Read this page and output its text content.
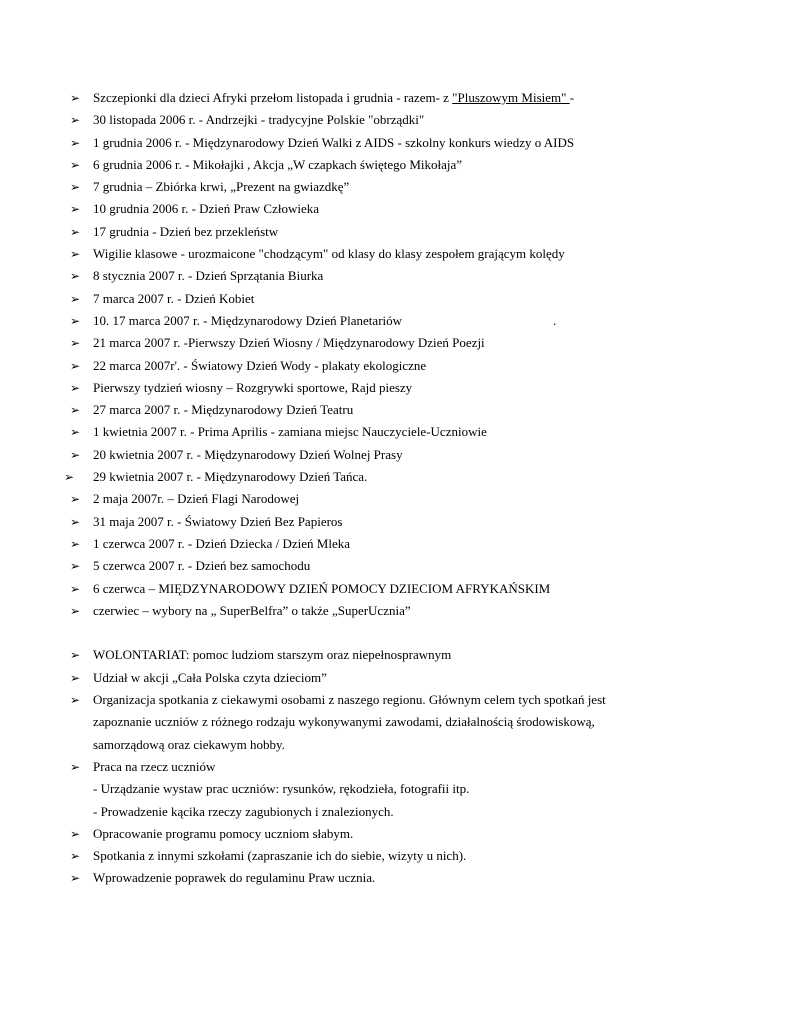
➢ Szczepionki dla dzieci Afryki przełom listopada i grudnia - razem- z "Pluszowym Misiem" -
➢ 30 listopada 2006 r. - Andrzejki - tradycyjne Polskie "obrządki"
➢ 1 grudnia 2006 r. - Międzynarodowy Dzień Walki z AIDS - szkolny konkurs wiedzy o AIDS
➢ 6 grudnia 2006 r. - Mikołajki , Akcja „W czapkach świętego Mikołaja”
➢ 7 grudnia – Zbiórka krwi, „Prezent na gwiazdkę”
➢ 10 grudnia 2006 r. - Dzień Praw Człowieka
➢ 17 grudnia - Dzień bez przekleństw
➢ Wigilie klasowe - urozmaicone "chodzącym" od klasy do klasy zespołem grającym kolędy
➢ 8 stycznia 2007 r. - Dzień Sprzątania Biurka
➢ 7 marca 2007 r. - Dzień Kobiet
➢ 10. 17 marca 2007 r. - Międzynarodowy Dzień Planetariów	.
➢ 21 marca 2007 r. -Pierwszy Dzień Wiosny / Międzynarodowy Dzień Poezji
➢ 22 marca 2007r'. - Światowy Dzień Wody - plakaty ekologiczne
➢ Pierwszy tydzień wiosny – Rozgrywki sportowe, Rajd pieszy
➢ 27 marca 2007 r. - Międzynarodowy Dzień Teatru
➢ 1 kwietnia 2007 r. - Prima Aprilis - zamiana miejsc Nauczyciele-Uczniowie
➢ 20 kwietnia 2007 r. - Międzynarodowy Dzień Wolnej Prasy
➢ 29 kwietnia 2007 r. - Międzynarodowy Dzień Tańca.
➢ 2 maja 2007r. – Dzień Flagi Narodowej
➢ 31 maja 2007 r. - Światowy Dzień Bez Papieros
➢ 1 czerwca 2007 r. - Dzień Dziecka / Dzień Mleka
➢ 5 czerwca 2007 r. - Dzień bez samochodu
➢ 6 czerwca – MIĘDZYNARODOWY DZIEŃ POMOCY DZIECIOM AFRYKAŃSKIM
➢ czerwiec – wybory na „ SuperBelfra” o także „SuperUcznia”
➢ WOLONTARIAT: pomoc ludziom starszym oraz niepełnosprawnym
➢ Udział w akcji „Cała Polska czyta dzieciom”
➢ Organizacja spotkania z ciekawymi osobami z naszego regionu. Głównym celem tych spotkań jest
zapoznanie uczniów z różnego rodzaju wykonywanymi zawodami, działalnością środowiskową,
samorządową oraz ciekawym hobby.
➢ Praca na rzecz uczniów
- Urządzanie wystaw prac uczniów: rysunków, rękodzieła, fotografii itp.
- Prowadzenie kącika rzeczy zagubionych i znalezionych.
➢ Opracowanie programu pomocy uczniom słabym.
➢ Spotkania z innymi szkołami (zapraszanie ich do siebie, wizyty u nich).
➢ Wprowadzenie poprawek do regulaminu Praw ucznia.
